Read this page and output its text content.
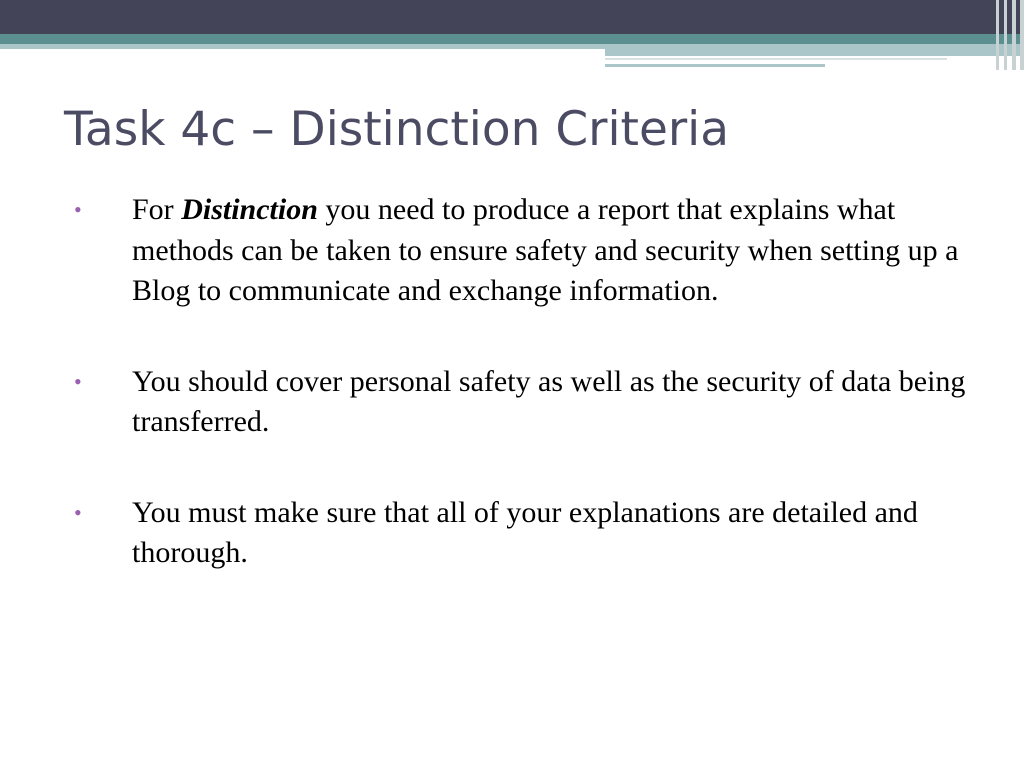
Task 4c – Distinction Criteria
• For Distinction you need to produce a report that explains what methods can be taken to ensure safety and security when setting up a Blog to communicate and exchange information.
• You should cover personal safety as well as the security of data being transferred.
• You must make sure that all of your explanations are detailed and thorough.
